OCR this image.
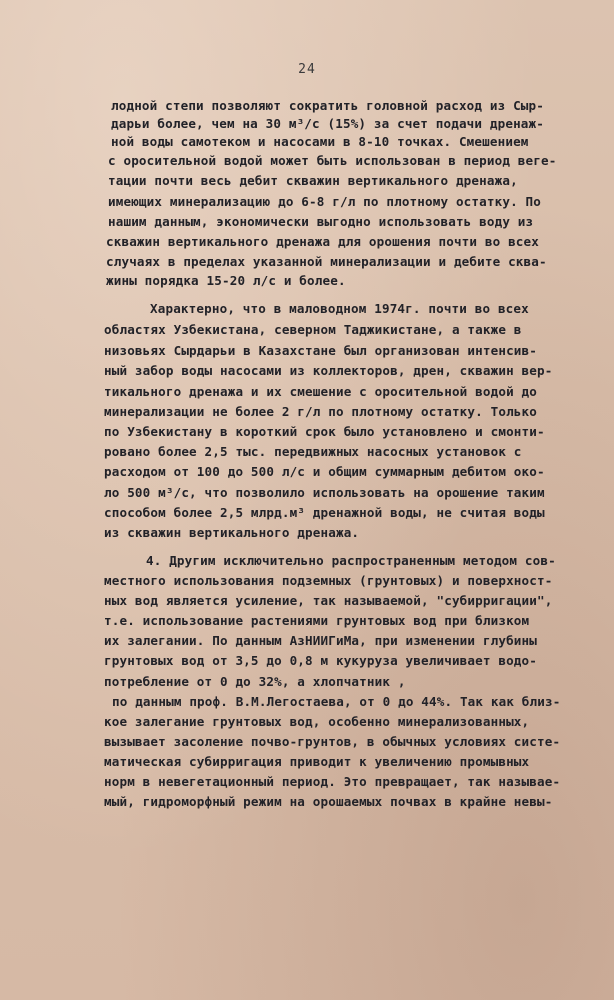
24
лодной степи позволяют сократить головной расход из Сыр-
дарьи более, чем на 30 м³/с (15%) за счет подачи дренаж-
ной воды самотеком и насосами в 8-10 точках. Смешением
с оросительной водой может быть использован в период веге-
тации почти весь дебит скважин вертикального дренажа,
имеющих минерализацию до 6-8 г/л по плотному остатку. По
нашим данным, экономически выгодно использовать воду из
скважин вертикального дренажа для орошения почти во всех
случаях в пределах указанной минерализации и дебите сква-
жины порядка 15-20 л/с и более.
Характерно, что в маловодном 1974г. почти во всех
областях Узбекистана, северном Таджикистане, а также в
низовьях Сырдарьи в Казахстане был организован интенсив-
ный забор воды насосами из коллекторов, дрен, скважин вер-
тикального дренажа и их смешение с оросительной водой до
минерализации не более 2 г/л по плотному остатку. Только
по Узбекистану в короткий срок было установлено и смонти-
ровано более 2,5 тыс. передвижных насосных установок с
расходом от 100 до 500 л/с и общим суммарным дебитом око-
ло 500 м³/с, что позволило использовать на орошение таким
способом более 2,5 млрд.м³ дренажной воды, не считая воды
из скважин вертикального дренажа.
4. Другим исключительно распространенным методом сов-
местного использования подземных (грунтовых) и поверхност-
ных вод является усиление, так называемой, "субирригации",
т.е. использование растениями грунтовых вод при близком
их залегании. По данным АзНИИГиМа, при изменении глубины
грунтовых вод от 3,5 до 0,8 м кукуруза увеличивает водо-
потребление от 0 до 32%, а хлопчатник ,
по данным проф. В.М.Легостаева, от 0 до 44%. Так как близ-
кое залегание грунтовых вод, особенно минерализованных,
вызывает засоление почво-грунтов, в обычных условиях систе-
матическая субирригация приводит к увеличению промывных
норм в невегетационный период. Это превращает, так называе-
мый, гидроморфный режим на орошаемых почвах в крайне невы-
